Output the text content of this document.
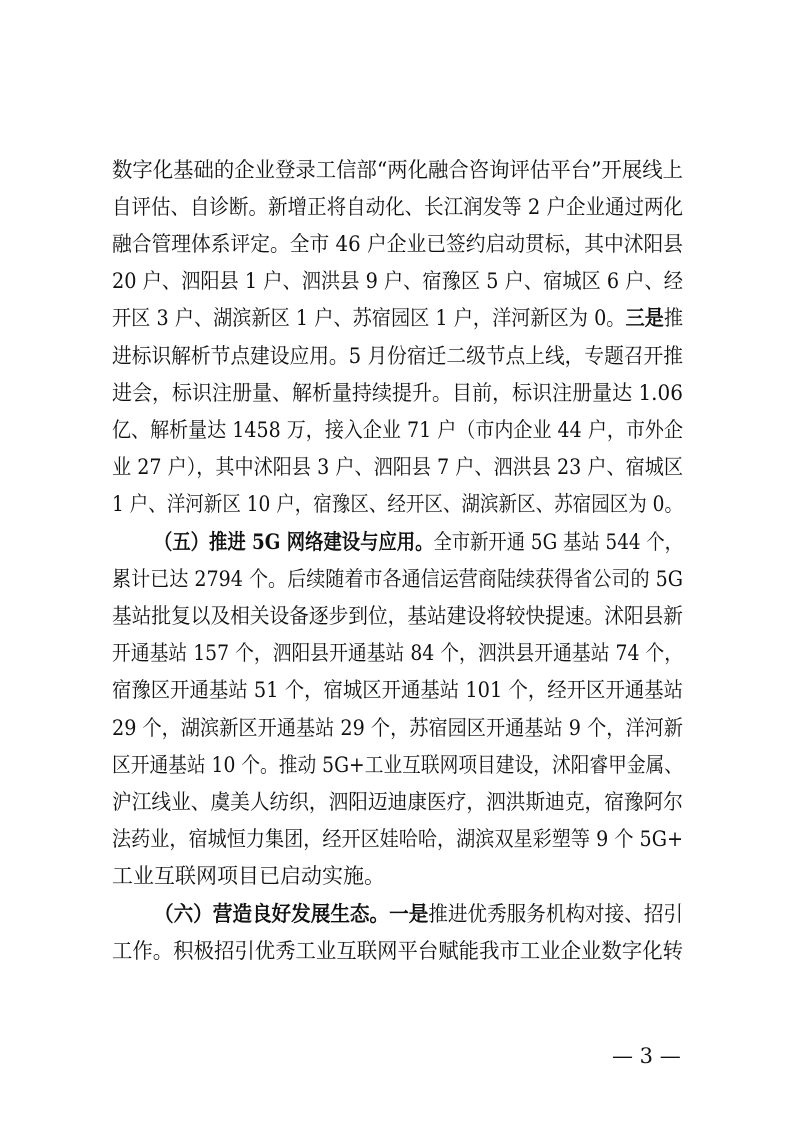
数字化基础的企业登录工信部“两化融合咨询评估平台”开展线上
自评估、自诊断。新增正将自动化、长江润发等 2 户企业通过两化
融合管理体系评定。全市 46 户企业已签约启动贯标，其中沭阳县
20 户、泗阳县 1 户、泗洪县 9 户、宿豫区 5 户、宿城区 6 户、经
开区 3 户、湖滨新区 1 户、苏宿园区 1 户，洋河新区为 0。三是推
进标识解析节点建设应用。5 月份宿迁二级节点上线，专题召开推
进会，标识注册量、解析量持续提升。目前，标识注册量达 1.06
亿、解析量达 1458 万，接入企业 71 户（市内企业 44 户，市外企
业 27 户），其中沭阳县 3 户、泗阳县 7 户、泗洪县 23 户、宿城区
1 户、洋河新区 10 户，宿豫区、经开区、湖滨新区、苏宿园区为 0。
（五）推进 5G 网络建设与应用。全市新开通 5G 基站 544 个，
累计已达 2794 个。后续随着市各通信运营商陆续获得省公司的 5G
基站批复以及相关设备逐步到位，基站建设将较快提速。沭阳县新
开通基站 157 个，泗阳县开通基站 84 个，泗洪县开通基站 74 个，
宿豫区开通基站 51 个，宿城区开通基站 101 个，经开区开通基站
29 个，湖滨新区开通基站 29 个，苏宿园区开通基站 9 个，洋河新
区开通基站 10 个。推动 5G+工业互联网项目建设，沭阳睿甲金属、
沪江线业、虞美人纺织，泗阳迈迪康医疗，泗洪斯迪克，宿豫阿尔
法药业，宿城恒力集团，经开区娃哈哈，湖滨双星彩塑等 9 个 5G+
工业互联网项目已启动实施。
（六）营造良好发展生态。一是推进优秀服务机构对接、招引
工作。积极招引优秀工业互联网平台赋能我市工业企业数字化转
— 3 —
